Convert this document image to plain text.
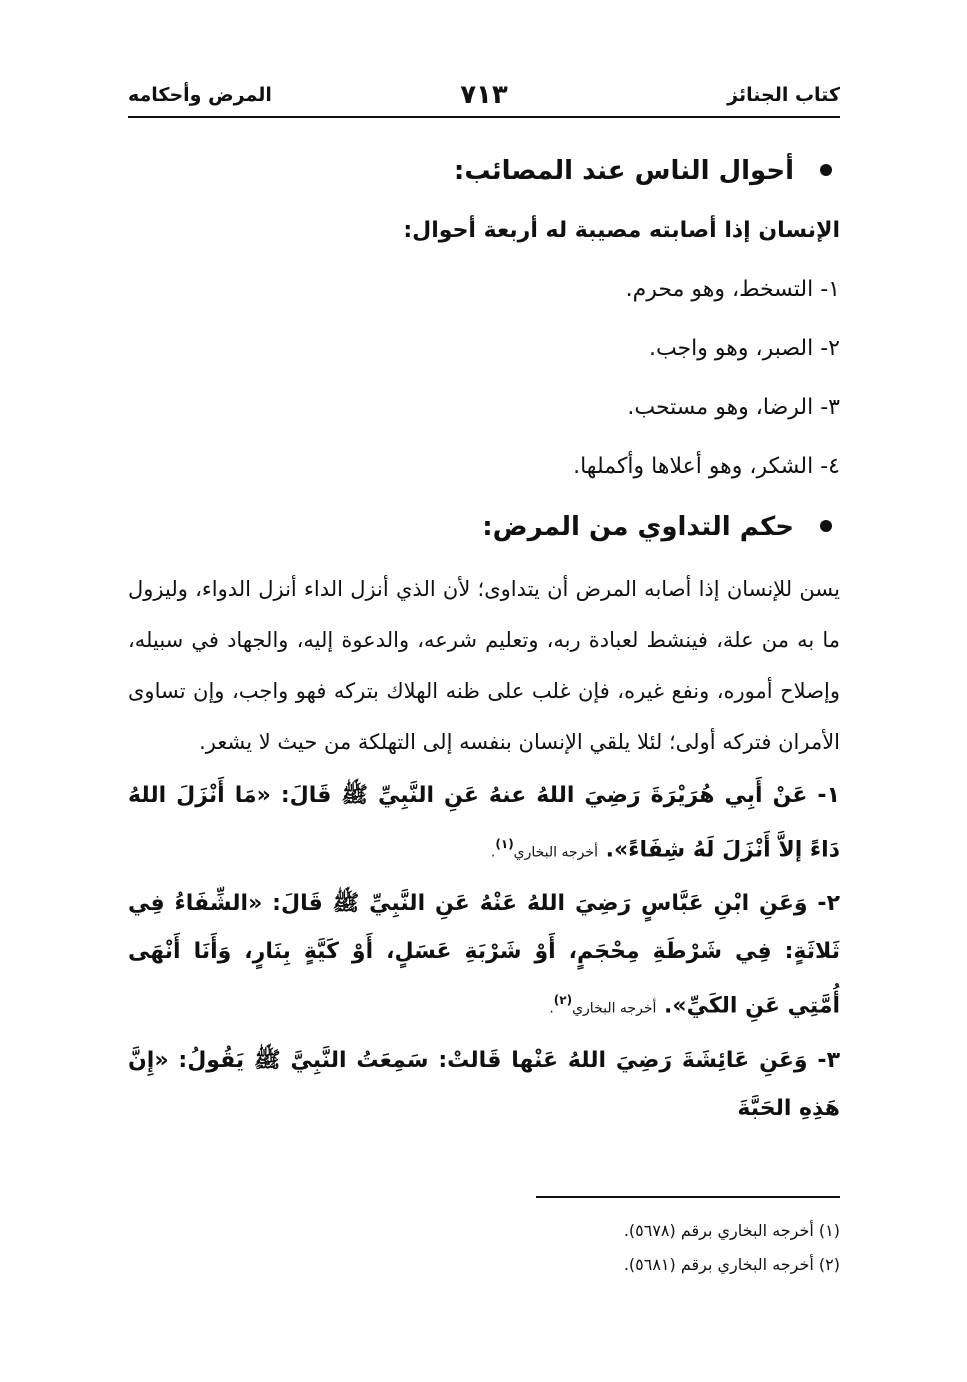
كتاب الجنائز
٧١٣
المرض وأحكامه

أحوال الناس عند المصائب:

الإنسان إذا أصابته مصيبة له أربعة أحوال:

١- التسخط، وهو محرم.

٢- الصبر، وهو واجب.

٣- الرضا، وهو مستحب.

٤- الشكر، وهو أعلاها وأكملها.

حكم التداوي من المرض:

يسن للإنسان إذا أصابه المرض أن يتداوى؛ لأن الذي أنزل الداء أنزل الدواء، وليزول ما به من علة، فينشط لعبادة ربه، وتعليم شرعه، والدعوة إليه، والجهاد في سبيله، وإصلاح أموره، ونفع غيره، فإن غلب على ظنه الهلاك بتركه فهو واجب، وإن تساوى الأمران فتركه أولى؛ لئلا يلقي الإنسان بنفسه إلى التهلكة من حيث لا يشعر.

١- عَنْ أَبِي هُرَيْرَةَ رَضِيَ اللهُ عنهُ عَنِ النَّبِيِّ ﷺ قَالَ: «مَا أَنْزَلَ اللهُ دَاءً إلاَّ أَنْزَلَ لَهُ شِفَاءً». أخرجه البخاري$^{(١)}$.

٢- وَعَنِ ابْنِ عَبَّاسٍ رَضِيَ اللهُ عَنْهُ عَنِ النَّبِيِّ ﷺ قَالَ: «الشِّفَاءُ فِي ثَلاثَةٍ: فِي شَرْطَةِ مِحْجَمٍ، أَوْ شَرْبَةِ عَسَلٍ، أَوْ كَيَّةٍ بِنَارٍ، وَأَنَا أَنْهَى أُمَّتِي عَنِ الكَيِّ». أخرجه البخاري$^{(٢)}$.

٣- وَعَنِ عَائِشَةَ رَضِيَ اللهُ عَنْها قَالتْ: سَمِعَتُ النَّبِيَّ ﷺ يَقُولُ: «إِنَّ هَذِهِ الحَبَّةَ

(١) أخرجه البخاري برقم (٥٦٧٨).

(٢) أخرجه البخاري برقم (٥٦٨١).
